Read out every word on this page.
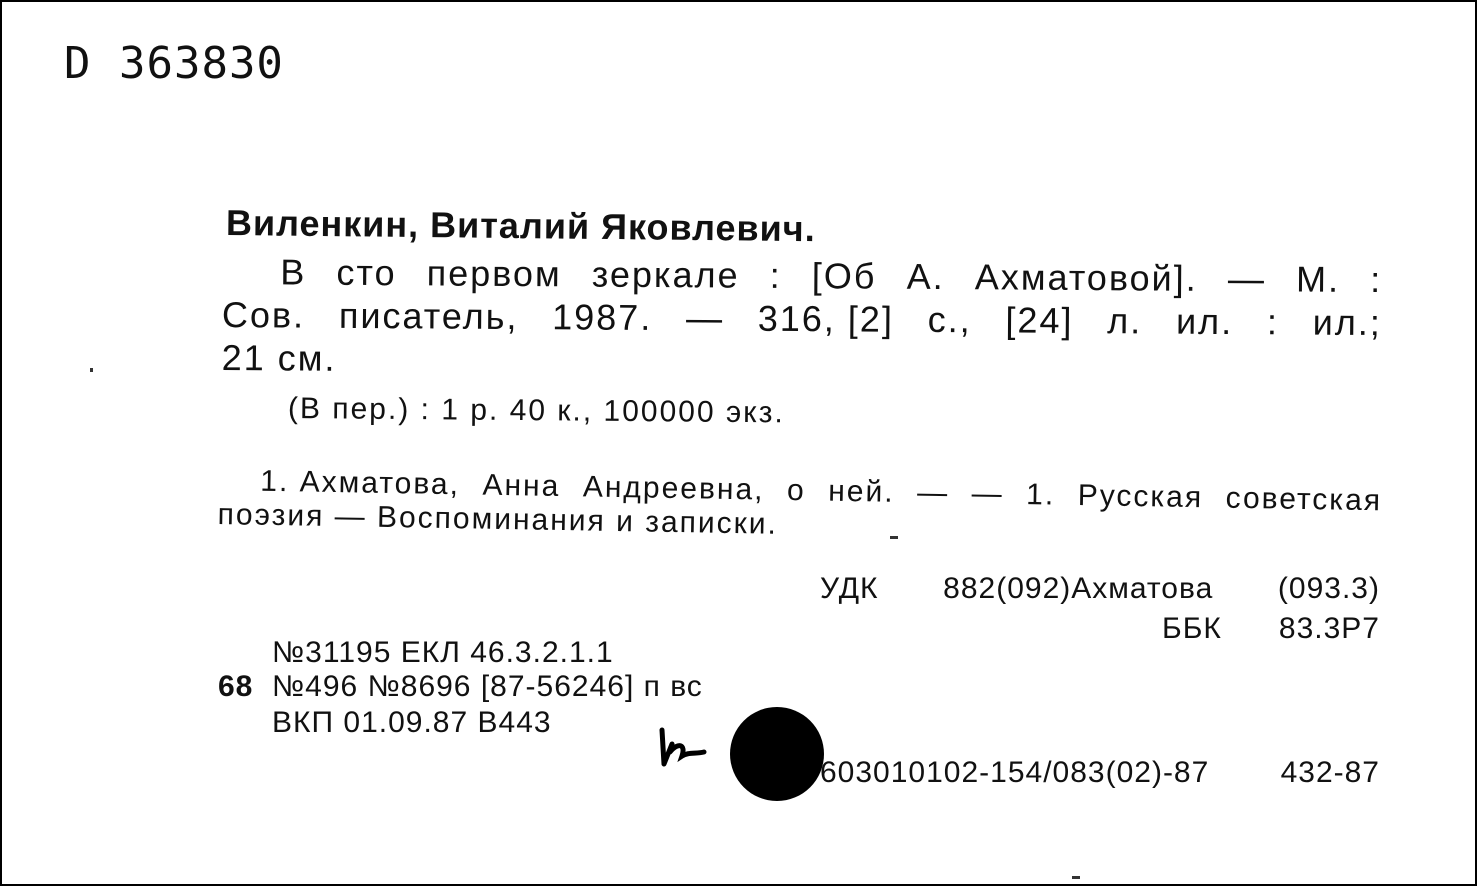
D 363830
Виленкин, Виталий Яковлевич.
В сто первом зеркале : [Об А. Ахматовой]. — М. :
Сов. писатель, 1987. — 316, [2] с., [24] л. ил. : ил.;
21 см.
(В пер.) : 1 р. 40 к., 100000 экз.
1. Ахматова, Анна Андреевна, о ней. — — 1. Русская советская
поэзия — Воспоминания и записки.
УДК 882(092)Ахматова (093.3)
ББК 83.3Р7
№31195 ЕКЛ 46.3.2.1.1
68 №496 №8696 [87-56246] п вс
ВКП 01.09.87 В443
603010102-154/083(02)-87 432-87
